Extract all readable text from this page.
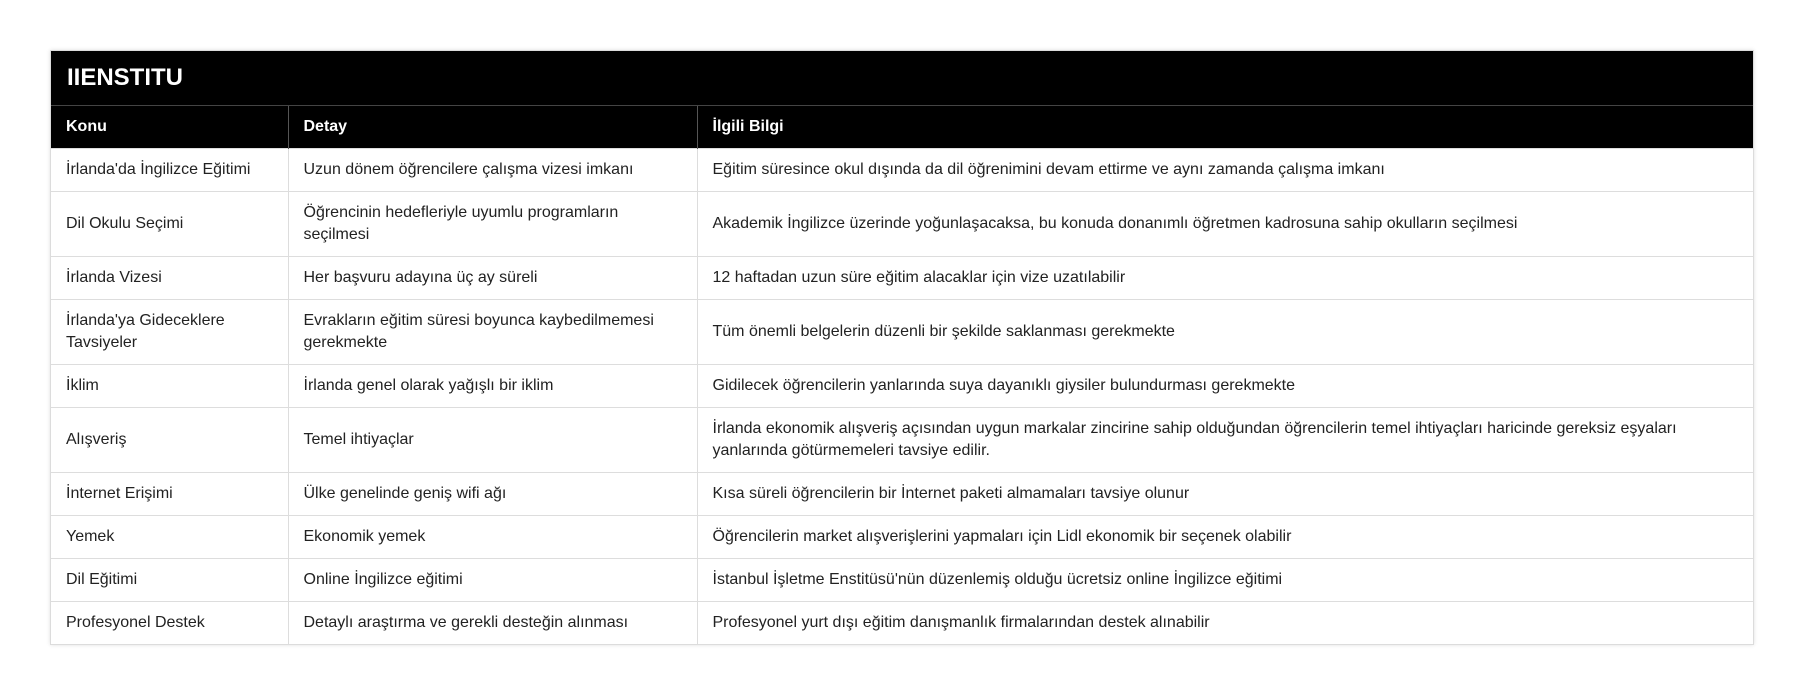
IIENSTITU
Konu	Detay	İlgili Bilgi
İrlanda'da İngilizce Eğitimi	Uzun dönem öğrencilere çalışma vizesi imkanı	Eğitim süresince okul dışında da dil öğrenimini devam ettirme ve aynı zamanda çalışma imkanı
Dil Okulu Seçimi	Öğrencinin hedefleriyle uyumlu programların seçilmesi	Akademik İngilizce üzerinde yoğunlaşacaksa, bu konuda donanımlı öğretmen kadrosuna sahip okulların seçilmesi
İrlanda Vizesi	Her başvuru adayına üç ay süreli	12 haftadan uzun süre eğitim alacaklar için vize uzatılabilir
İrlanda'ya Gideceklere Tavsiyeler	Evrakların eğitim süresi boyunca kaybedilmemesi gerekmekte	Tüm önemli belgelerin düzenli bir şekilde saklanması gerekmekte
İklim	İrlanda genel olarak yağışlı bir iklim	Gidilecek öğrencilerin yanlarında suya dayanıklı giysiler bulundurması gerekmekte
Alışveriş	Temel ihtiyaçlar	İrlanda ekonomik alışveriş açısından uygun markalar zincirine sahip olduğundan öğrencilerin temel ihtiyaçları haricinde gereksiz eşyaları yanlarında götürmemeleri tavsiye edilir.
İnternet Erişimi	Ülke genelinde geniş wifi ağı	Kısa süreli öğrencilerin bir İnternet paketi almamaları tavsiye olunur
Yemek	Ekonomik yemek	Öğrencilerin market alışverişlerini yapmaları için Lidl ekonomik bir seçenek olabilir
Dil Eğitimi	Online İngilizce eğitimi	İstanbul İşletme Enstitüsü'nün düzenlemiş olduğu ücretsiz online İngilizce eğitimi
Profesyonel Destek	Detaylı araştırma ve gerekli desteğin alınması	Profesyonel yurt dışı eğitim danışmanlık firmalarından destek alınabilir
